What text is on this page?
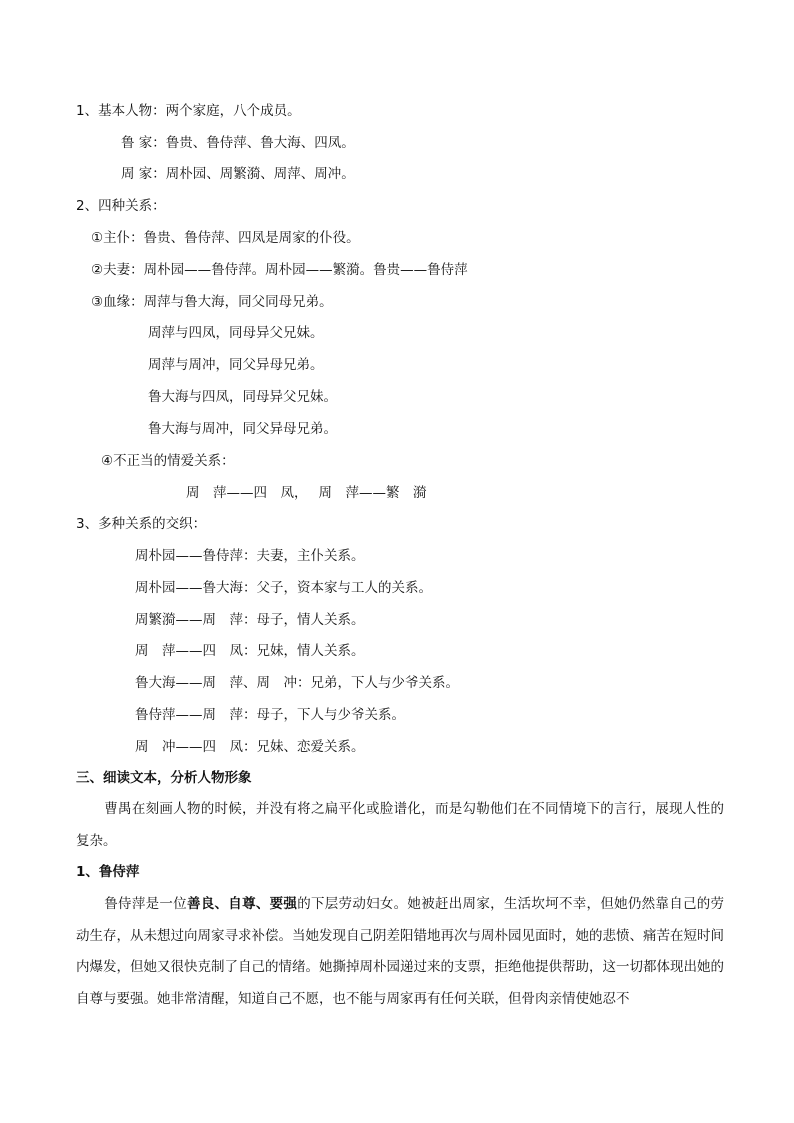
1、基本人物：两个家庭，八个成员。
鲁 家：鲁贵、鲁侍萍、鲁大海、四凤。
周 家：周朴园、周繁漪、周萍、周冲。
2、四种关系：
①主仆：鲁贵、鲁侍萍、四凤是周家的仆役。
②夫妻：周朴园——鲁侍萍。周朴园——繁漪。鲁贵——鲁侍萍
③血缘：周萍与鲁大海，同父同母兄弟。
周萍与四凤，同母异父兄妹。
周萍与周冲，同父异母兄弟。
鲁大海与四凤，同母异父兄妹。
鲁大海与周冲，同父异母兄弟。
④不正当的情爱关系：
周　萍——四　凤，　 周　萍——繁　漪
3、多种关系的交织：
周朴园——鲁侍萍：夫妻，主仆关系。
周朴园——鲁大海：父子，资本家与工人的关系。
周繁漪——周　萍：母子，情人关系。
周　萍——四　凤：兄妹，情人关系。
鲁大海——周　萍、周　冲：兄弟，下人与少爷关系。
鲁侍萍——周　萍：母子，下人与少爷关系。
周　冲——四　凤：兄妹、恋爱关系。
三、细读文本，分析人物形象
曹禺在刻画人物的时候，并没有将之扁平化或脸谱化，而是勾勒他们在不同情境下的言行，展现人性的复杂。
1、鲁侍萍
鲁侍萍是一位善良、自尊、要强的下层劳动妇女。她被赶出周家，生活坎坷不幸，但她仍然靠自己的劳动生存，从未想过向周家寻求补偿。当她发现自己阴差阳错地再次与周朴园见面时，她的悲愤、痛苦在短时间内爆发，但她又很快克制了自己的情绪。她撕掉周朴园递过来的支票，拒绝他提供帮助，这一切都体现出她的自尊与要强。她非常清醒，知道自己不愿，也不能与周家再有任何关联，但骨肉亲情使她忍不
